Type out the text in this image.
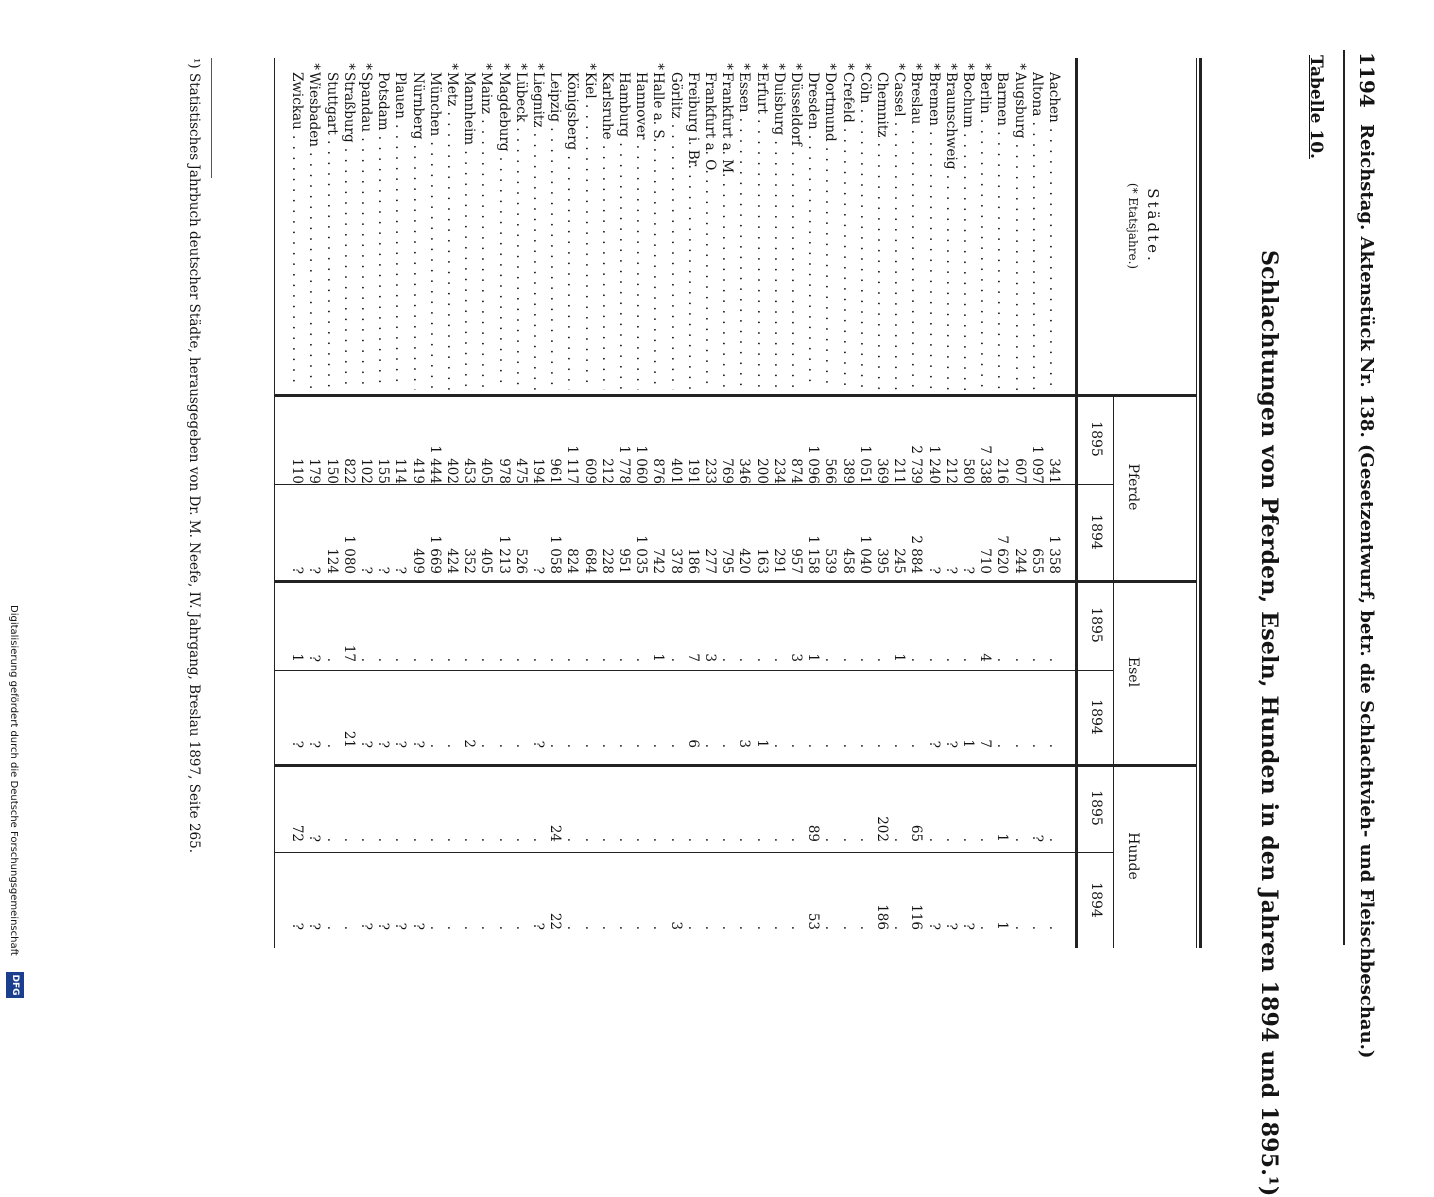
1194
Reichstag. Aktenstück Nr. 138. (Gesetzentwurf, betr. die Schlachtvieh- und Fleischbeschau.)
Tabelle 10.
Schlachtungen von Pferden, Eseln, Hunden in den Jahren 1894 und 1895.¹)
Städte.
(* Etatsjahre.)
Pferde
Esel
Hunde
1895
1894
1895
1894
1895
1894
Aachen . . .
341
1 358
.
.
.
.
Altona . . .
1 097
655
.
.
?
.
*
Augsburg . . .
607
244
.
.
.
.
Barmen . . .
216
7 620
.
.
1
1
*
Berlin . . .
7 338
710
4
7
.
.
*
Bochum . . .
580
?
.
1
.
?
*
Braunschweig . . .
212
?
.
?
.
?
*
Bremen . . .
1 240
?
.
?
.
?
*
Breslau . . .
2 739
2 884
.
.
65
116
*
Cassel . . .
211
245
1
.
.
.
Chemnitz . . .
369
395
.
.
202
186
*
Cöln . . .
1 051
1 040
.
.
.
.
*
Crefeld . . .
389
458
.
.
.
.
*
Dortmund . . .
566
539
.
.
.
.
Dresden . . .
1 096
1 158
1
.
89
53
*
Düsseldorf . . .
874
957
3
.
.
.
*
Duisburg . . .
234
291
.
.
.
.
*
Erfurt . . .
200
163
.
1
.
.
*
Essen . . .
346
420
.
3
.
.
*
Frankfurt a. M. . . .
769
795
.
.
.
.
Frankfurt a. O. . . .
233
277
3
.
.
.
Freiburg i. Br. . . .
191
186
7
6
.
.
Görlitz . . .
401
378
.
.
.
3
*
Halle a. S. . . .
876
742
1
.
.
.
Hannover . . .
1 060
1 035
.
.
.
.
Hamburg . . .
1 778
951
.
.
.
.
Karlsruhe . . .
212
228
.
.
.
.
*
Kiel . . .
609
684
.
.
.
.
Königsberg . . .
1 117
824
.
.
.
.
Leipzig . . .
961
1 058
.
.
24
22
*
Liegnitz . . .
194
?
.
?
.
?
*
Lübeck . . .
475
526
.
.
.
.
*
Magdeburg . . .
978
1 213
.
.
.
.
*
Mainz . . .
405
405
.
.
.
.
Mannheim . . .
453
352
.
2
.
.
*
Metz . . .
402
424
.
.
.
.
München . . .
1 444
1 669
.
.
.
.
Nürnberg . . .
419
409
.
?
.
?
Plauen . . .
114
?
.
?
.
?
Potsdam . . .
155
?
.
?
.
?
*
Spandau . . .
102
?
.
?
.
?
*
Straßburg . . .
822
1 080
17
21
.
.
Stuttgart . . .
150
124
.
.
.
.
*
Wiesbaden . . .
179
?
?
?
?
?
Zwickau . . .
110
?
1
?
72
?
¹) Statistisches Jahrbuch deutscher Städte, herausgegeben von Dr. M. Neefe, IV. Jahrgang, Breslau 1897, Seite 265.
Digitalisierung gefördert durch die Deutsche Forschungsgemeinschaft
DFG
